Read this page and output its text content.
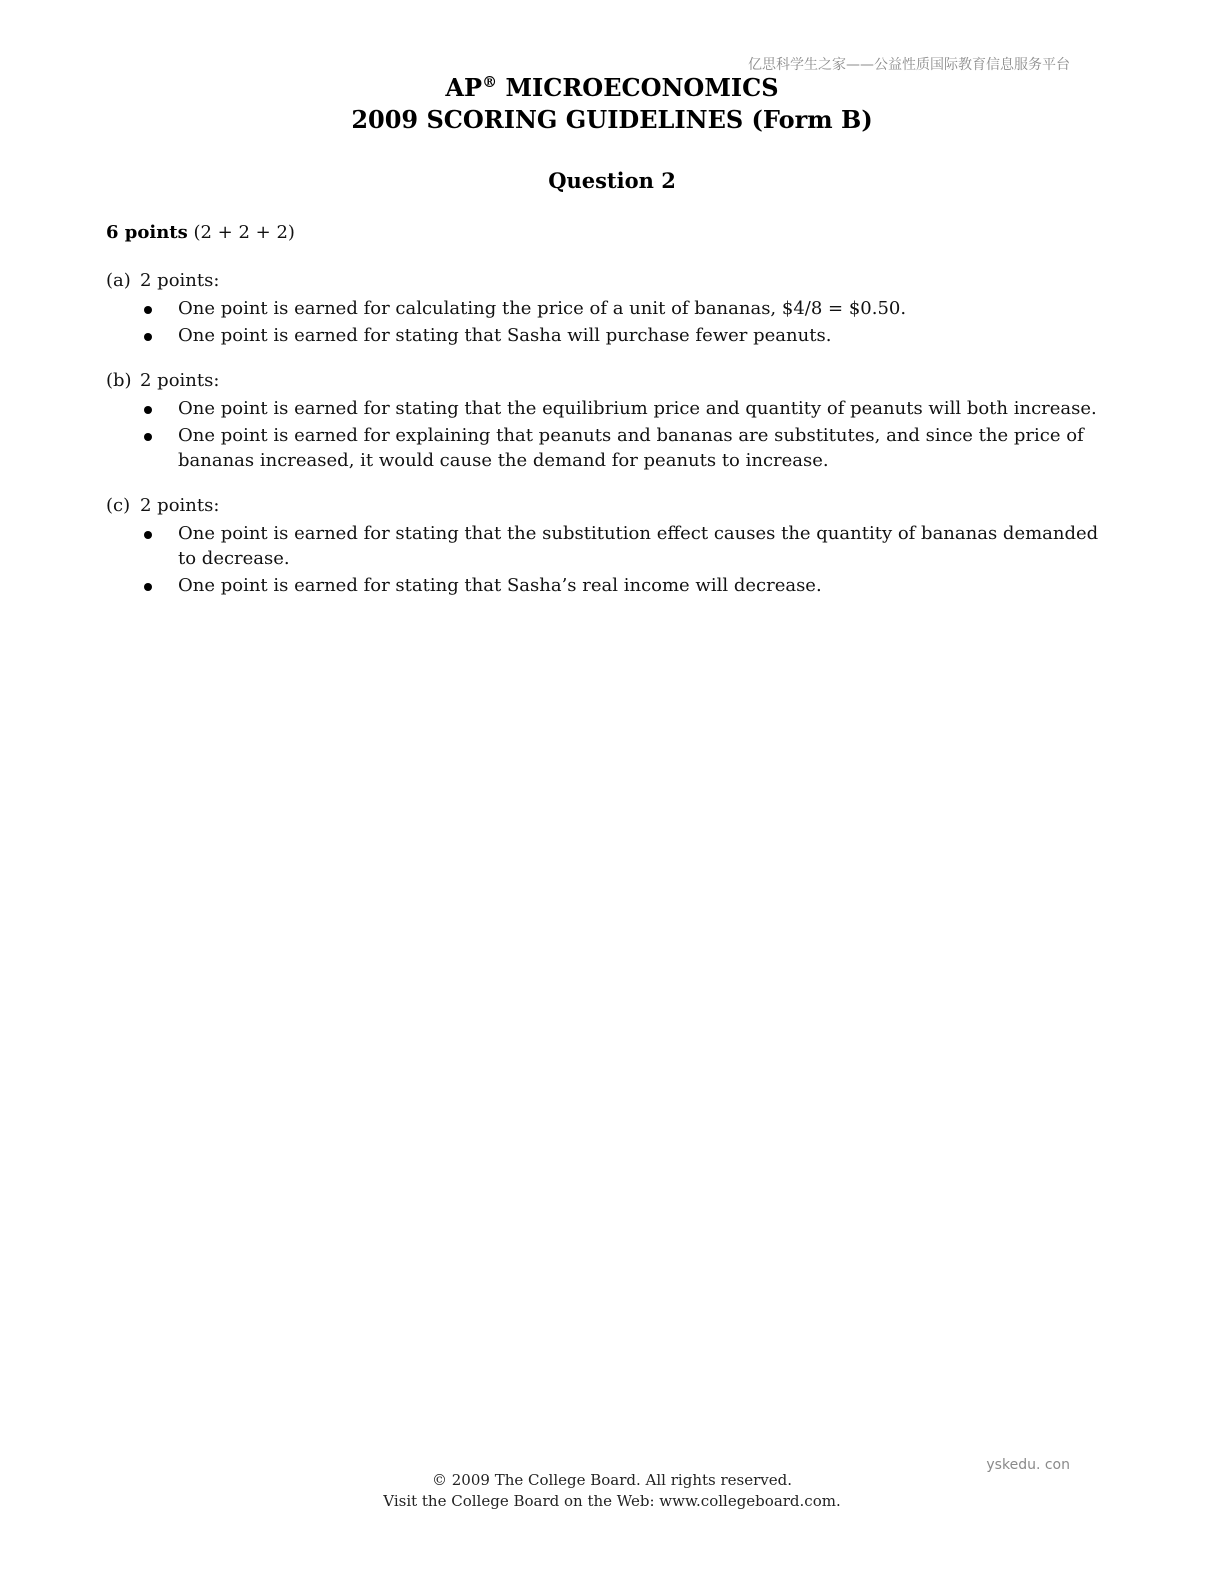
亿思科学生之家——公益性质国际教育信息服务平台
AP® MICROECONOMICS
2009 SCORING GUIDELINES (Form B)
Question 2

6 points (2 + 2 + 2)

(a) 2 points:
One point is earned for calculating the price of a unit of bananas, $4/8 = $0.50.
One point is earned for stating that Sasha will purchase fewer peanuts.
(b) 2 points:
One point is earned for stating that the equilibrium price and quantity of peanuts will both increase.
One point is earned for explaining that peanuts and bananas are substitutes, and since the price of bananas increased, it would cause the demand for peanuts to increase.
(c) 2 points:
One point is earned for stating that the substitution effect causes the quantity of bananas demanded to decrease.
One point is earned for stating that Sasha’s real income will decrease.
yskedu. con
© 2009 The College Board. All rights reserved.
Visit the College Board on the Web: www.collegeboard.com.
